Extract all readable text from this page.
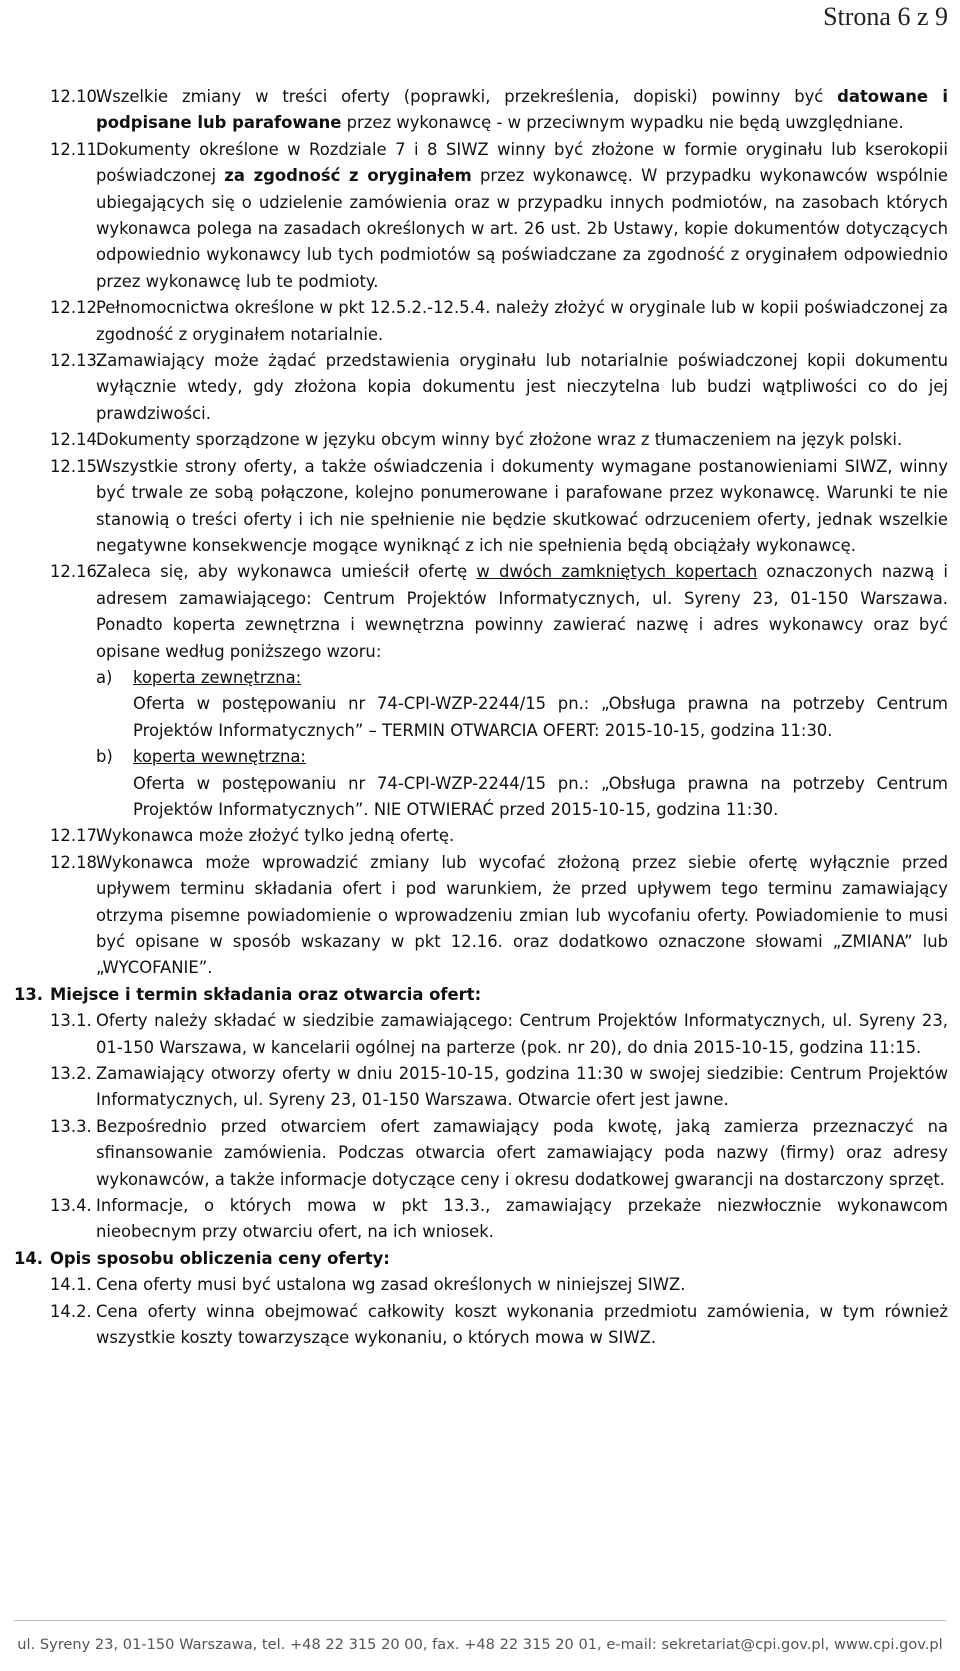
Strona 6 z 9
12.10.
Wszelkie zmiany w treści oferty (poprawki, przekreślenia, dopiski) powinny być datowane i podpisane lub parafowane przez wykonawcę - w przeciwnym wypadku nie będą uwzględniane.
12.11.
Dokumenty określone w Rozdziale 7 i 8 SIWZ winny być złożone w formie oryginału lub kserokopii poświadczonej za zgodność z oryginałem przez wykonawcę. W przypadku wykonawców wspólnie ubiegających się o udzielenie zamówienia oraz w przypadku innych podmiotów, na zasobach których wykonawca polega na zasadach określonych w art. 26 ust. 2b Ustawy, kopie dokumentów dotyczących odpowiednio wykonawcy lub tych podmiotów są poświadczane za zgodność z oryginałem odpowiednio przez wykonawcę lub te podmioty.
12.12.
Pełnomocnictwa określone w pkt 12.5.2.-12.5.4. należy złożyć w oryginale lub w kopii poświadczonej za zgodność z oryginałem notarialnie.
12.13.
Zamawiający może żądać przedstawienia oryginału lub notarialnie poświadczonej kopii dokumentu wyłącznie wtedy, gdy złożona kopia dokumentu jest nieczytelna lub budzi wątpliwości co do jej prawdziwości.
12.14.
Dokumenty sporządzone w języku obcym winny być złożone wraz z tłumaczeniem na język polski.
12.15.
Wszystkie strony oferty, a także oświadczenia i dokumenty wymagane postanowieniami SIWZ, winny być trwale ze sobą połączone, kolejno ponumerowane i parafowane przez wykonawcę. Warunki te nie stanowią o treści oferty i ich nie spełnienie nie będzie skutkować odrzuceniem oferty, jednak wszelkie negatywne konsekwencje mogące wyniknąć z ich nie spełnienia będą obciążały wykonawcę.
12.16.
Zaleca się, aby wykonawca umieścił ofertę w dwóch zamkniętych kopertach oznaczonych nazwą i adresem zamawiającego: Centrum Projektów Informatycznych, ul. Syreny 23, 01-150 Warszawa. Ponadto koperta zewnętrzna i wewnętrzna powinny zawierać nazwę i adres wykonawcy oraz być opisane według poniższego wzoru:
a) koperta zewnętrzna:
Oferta w postępowaniu nr 74-CPI-WZP-2244/15 pn.: „Obsługa prawna na potrzeby Centrum Projektów Informatycznych” – TERMIN OTWARCIA OFERT: 2015-10-15, godzina 11:30.
b) koperta wewnętrzna:
Oferta w postępowaniu nr 74-CPI-WZP-2244/15 pn.: „Obsługa prawna na potrzeby Centrum Projektów Informatycznych”. NIE OTWIERAĆ przed 2015-10-15, godzina 11:30.
12.17.
Wykonawca może złożyć tylko jedną ofertę.
12.18.
Wykonawca może wprowadzić zmiany lub wycofać złożoną przez siebie ofertę wyłącznie przed upływem terminu składania ofert i pod warunkiem, że przed upływem tego terminu zamawiający otrzyma pisemne powiadomienie o wprowadzeniu zmian lub wycofaniu oferty. Powiadomienie to musi być opisane w sposób wskazany w pkt 12.16. oraz dodatkowo oznaczone słowami „ZMIANA” lub „WYCOFANIE”.
13. Miejsce i termin składania oraz otwarcia ofert:
13.1. Oferty należy składać w siedzibie zamawiającego: Centrum Projektów Informatycznych, ul. Syreny 23, 01-150 Warszawa, w kancelarii ogólnej na parterze (pok. nr 20), do dnia 2015-10-15, godzina 11:15.
13.2. Zamawiający otworzy oferty w dniu 2015-10-15, godzina 11:30 w swojej siedzibie: Centrum Projektów Informatycznych, ul. Syreny 23, 01-150 Warszawa. Otwarcie ofert jest jawne.
13.3. Bezpośrednio przed otwarciem ofert zamawiający poda kwotę, jaką zamierza przeznaczyć na sfinansowanie zamówienia. Podczas otwarcia ofert zamawiający poda nazwy (firmy) oraz adresy wykonawców, a także informacje dotyczące ceny i okresu dodatkowej gwarancji na dostarczony sprzęt.
13.4. Informacje, o których mowa w pkt 13.3., zamawiający przekaże niezwłocznie wykonawcom nieobecnym przy otwarciu ofert, na ich wniosek.
14. Opis sposobu obliczenia ceny oferty:
14.1. Cena oferty musi być ustalona wg zasad określonych w niniejszej SIWZ.
14.2. Cena oferty winna obejmować całkowity koszt wykonania przedmiotu zamówienia, w tym również wszystkie koszty towarzyszące wykonaniu, o których mowa w SIWZ.
ul. Syreny 23, 01-150 Warszawa, tel. +48 22 315 20 00, fax. +48 22 315 20 01, e-mail: sekretariat@cpi.gov.pl, www.cpi.gov.pl
